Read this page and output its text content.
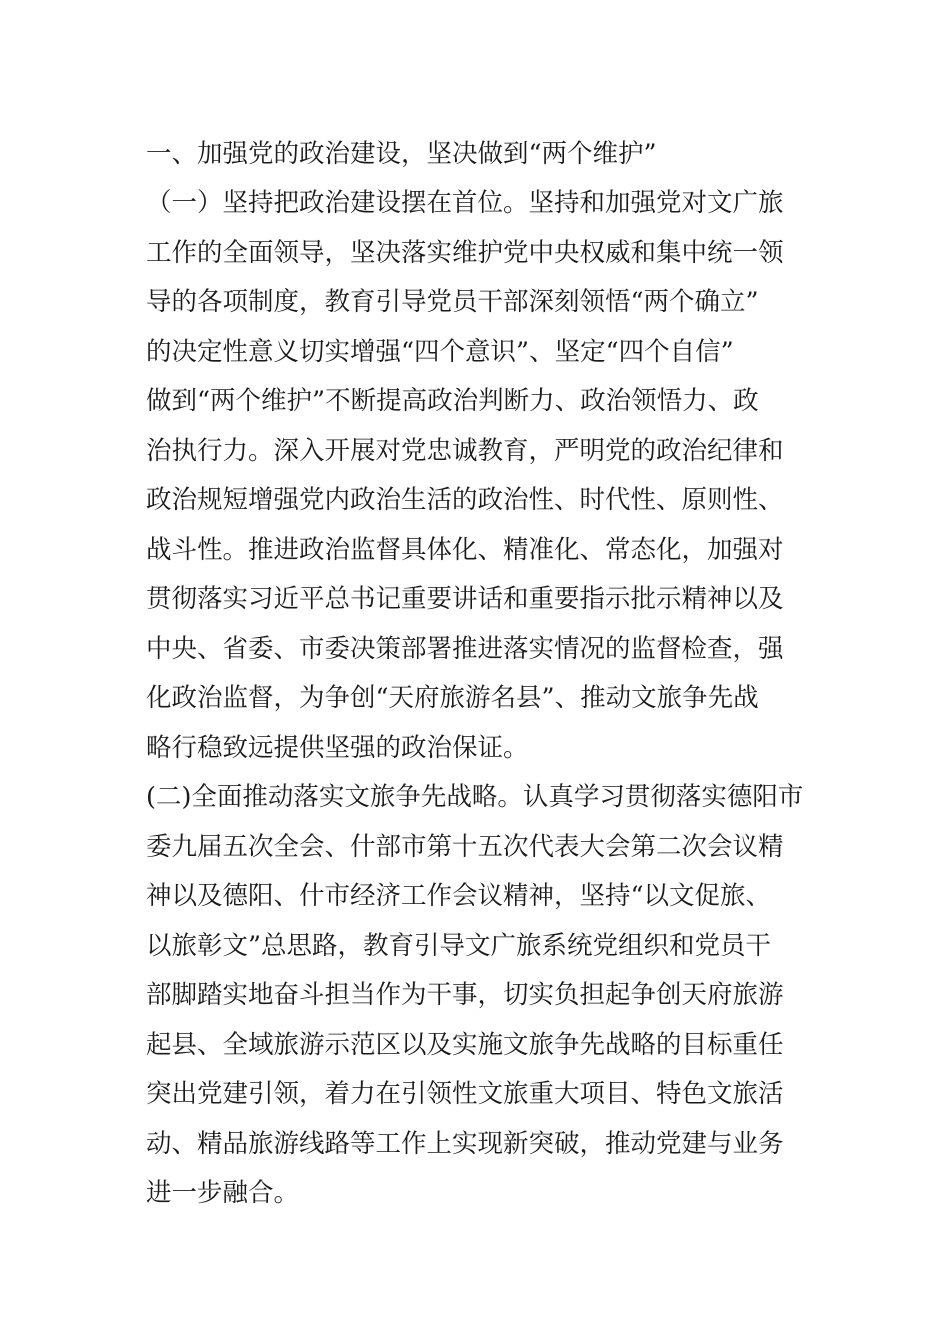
一、加强党的政治建设，坚决做到“两个维护”

（一）坚持把政治建设摆在首位。坚持和加强党对文广旅

工作的全面领导，坚决落实维护党中央权威和集中统一领

导的各项制度，教育引导党员干部深刻领悟“两个确立”

的决定性意义切实增强“四个意识”、坚定“四个自信”

做到“两个维护”不断提高政治判断力、政治领悟力、政

治执行力。深入开展对党忠诚教育，严明党的政治纪律和

政治规短增强党内政治生活的政治性、时代性、原则性、

战斗性。推进政治监督具体化、精准化、常态化，加强对

贯彻落实习近平总书记重要讲话和重要指示批示精神以及

中央、省委、市委决策部署推进落实情况的监督检查，强

化政治监督，为争创“天府旅游名县”、推动文旅争先战

略行稳致远提供坚强的政治保证。

(二)全面推动落实文旅争先战略。认真学习贯彻落实德阳市

委九届五次全会、什部市第十五次代表大会第二次会议精

神以及德阳、什市经济工作会议精神，坚持“以文促旅、

以旅彰文”总思路，教育引导文广旅系统党组织和党员干

部脚踏实地奋斗担当作为干事，切实负担起争创天府旅游

起县、全域旅游示范区以及实施文旅争先战略的目标重任

突出党建引领，着力在引领性文旅重大项目、特色文旅活

动、精品旅游线路等工作上实现新突破，推动党建与业务

进一步融合。
